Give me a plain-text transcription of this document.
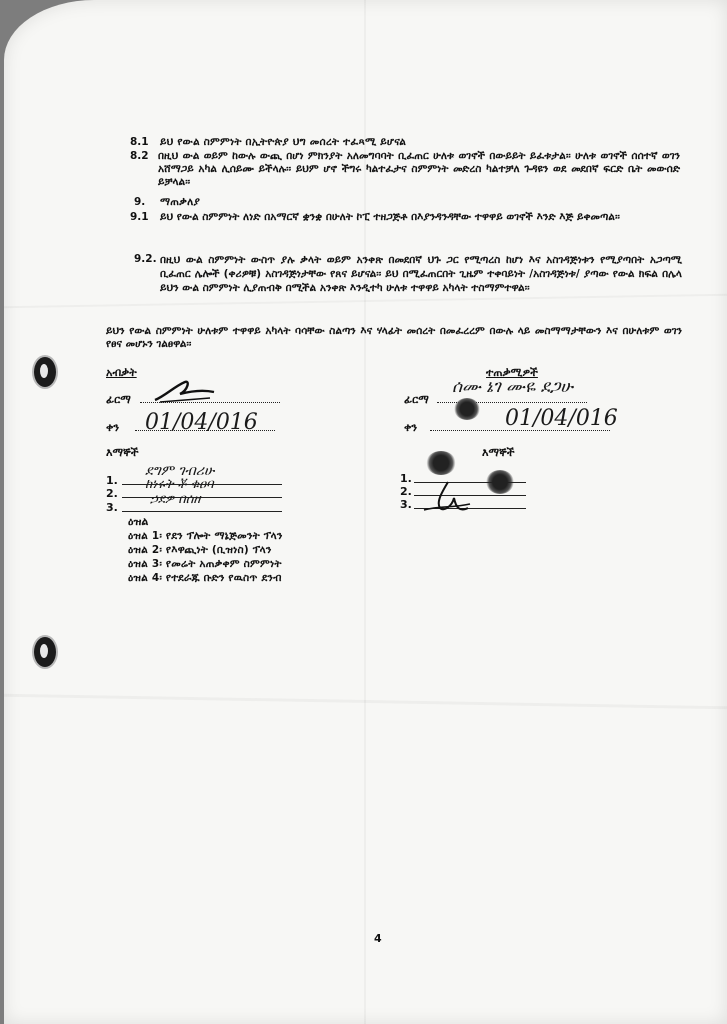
8.1 ይህ የውል ስምምነት በኢትዮጵያ ህግ መሰረት ተፈጻሚ ይሆናል
8.2 በዚህ ውል ወይም ከውሉ ውጪ በሆነ ምክንያት አለመግባባት ቢፈጠር ሁለቱ ወገኖች በውይይት ይፈቱታል፡፡ ሁለቱ ወገኖች ሰሰተኛ ወገን አሸማጋይ አካል ሊሰይሙ ይችላሉ፡፡ ይህም ሆኖ ችግሩ ካልተፈታና ስምምነት መድረስ ካልተቻለ ጉዳዩን ወደ መደበኛ ፍርድ ቤት መውሰድ ይቻላል፡፡
9. ማጠቃለያ
9.1 ይህ የውል ስምምነት ለነድ በአማርኛ ቋንቋ በሁለት ኮፒ ተዘጋጅቶ በእያንዳንዳቸው ተዋዋይ ወገኖች እንድ እጅ ይቀመጣል፡፡
9.2. በዚህ ውል ስምምነት ውስጥ ያሉ ቃላት ወይም አንቀጽ በመደበኛ ህጉ ጋር የሚጣረስ ከሆነ እና አስገዳጅነቱን የሚያጣበት አጋጣሚ ቢፈጠር ሌሎች (ቀሪዎቹ) አስገዳጅነታቸው የጸና ይሆናል፡፡ ይህ በሚፈጠርበት ጊዜም ተቀባይነት /አስገዳጅነቱ/ ያጣው የውል ክፍል በሌላ ይህን ውል ስምምነት ሊያጠብቅ በሚችል አንቀጽ እንዲተካ ሁለቱ ተዋዋይ አካላት ተስማምተዋል፡፡
ይህን የውል ስምምነት ሁለቱም ተዋዋይ አካላት ባሳቸው ስልጣን እና ሃላፊት መሰረት በመፈረረም በውሉ ላይ መስማማታቸውን እና በሁለቱም ወገን የፀና መሆኑን ገልፀዋል፡፡
አብቃት
ፊርማ
ቀን 01/04/016
እማኞች
1.
ደግም ገብሪሁ
2.
ከነሩት ቾ ቁዐባ
3.
ኃደዎ በሰዘ
ተጠቃሚዎች
ፊርማ
ሰሙ ኔገ ሙዬ ደጋሁ
ቀን	01/04/016
እማኞች
1.
2.
3.
ዕዝል
ዕዝል 1፡ የደን ፕሎት ማኔጅመንት ፕላን
ዕዝል 2፡ የእዋጪነት (ቢዝነስ) ፕላን
ዕዝል 3፡ የመሬት አጠቃቀም ስምምነት
ዕዝል 4፡ የተደራጁ ቡድን የዉስጥ ደንብ
4
